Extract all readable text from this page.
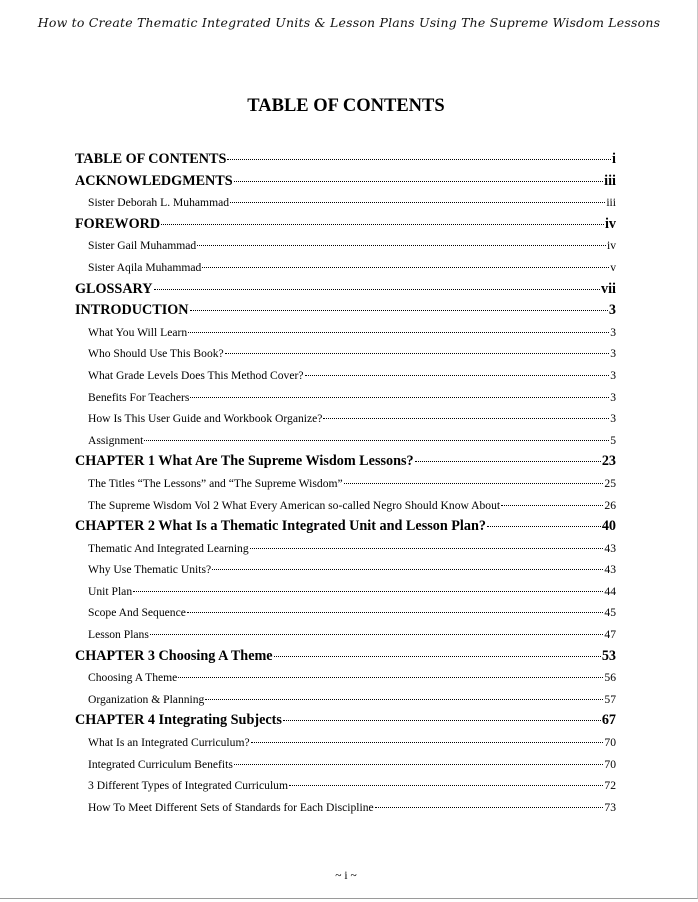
How to Create Thematic Integrated Units & Lesson Plans Using The Supreme Wisdom Lessons
TABLE OF CONTENTS
TABLE OF CONTENTS	i
ACKNOWLEDGMENTS	iii
Sister Deborah L. Muhammad	iii
FOREWORD	iv
Sister Gail Muhammad	iv
Sister Aqila Muhammad	v
GLOSSARY	vii
INTRODUCTION	3
What You Will Learn	3
Who Should Use This Book?	3
What Grade Levels Does This Method Cover?	3
Benefits For Teachers	3
How Is This User Guide and Workbook Organize?	3
Assignment	5
CHAPTER 1 What Are The Supreme Wisdom Lessons?	23
The Titles “The Lessons” and “The Supreme Wisdom”	25
The Supreme Wisdom Vol 2 What Every American so-called Negro Should Know About	26
CHAPTER 2 What Is a Thematic Integrated Unit and Lesson Plan?	40
Thematic And Integrated Learning	43
Why Use Thematic Units?	43
Unit Plan	44
Scope And Sequence	45
Lesson Plans	47
CHAPTER 3 Choosing A Theme	53
Choosing A Theme	56
Organization & Planning	57
CHAPTER 4 Integrating Subjects	67
What Is an Integrated Curriculum?	70
Integrated Curriculum Benefits	70
3 Different Types of Integrated Curriculum	72
How To Meet Different Sets of Standards for Each Discipline	73
~ i ~
